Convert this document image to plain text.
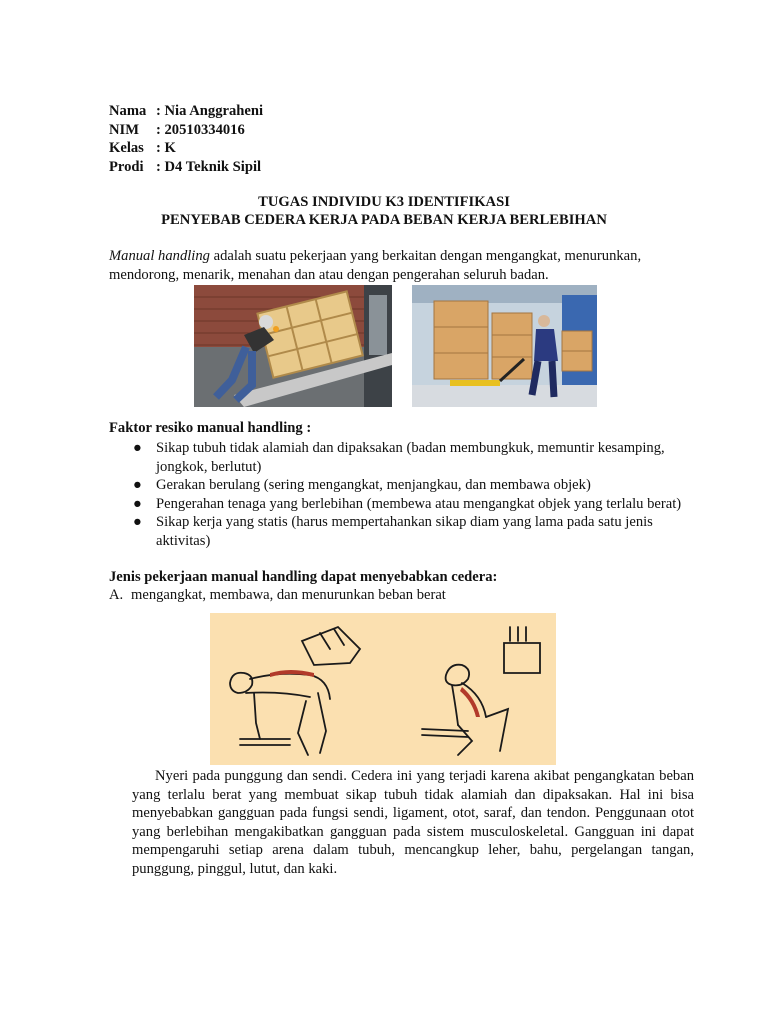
Nama : Nia Anggraheni
NIM	: 20510334016
Kelas : K
Prodi : D4 Teknik Sipil
TUGAS INDIVIDU K3 IDENTIFIKASI
PENYEBAB CEDERA KERJA PADA BEBAN KERJA BERLEBIHAN
Manual handling adalah suatu pekerjaan yang berkaitan dengan mengangkat, menurunkan, mendorong, menarik, menahan dan atau dengan pengerahan seluruh badan.
Faktor resiko manual handling :
● Sikap tubuh tidak alamiah dan dipaksakan (badan membungkuk, memuntir kesamping, jongkok, berlutut)
● Gerakan berulang (sering mengangkat, menjangkau, dan membawa objek)
● Pengerahan tenaga yang berlebihan (membewa atau mengangkat objek yang terlalu berat)
● Sikap kerja yang statis (harus mempertahankan sikap diam yang lama pada satu jenis aktivitas)
Jenis pekerjaan manual handling dapat menyebabkan cedera:
A. mengangkat, membawa, dan menurunkan beban berat
Nyeri pada punggung dan sendi. Cedera ini yang terjadi karena akibat pengangkatan beban yang terlalu berat yang membuat sikap tubuh tidak alamiah dan dipaksakan. Hal ini bisa menyebabkan gangguan pada fungsi sendi, ligament, otot, saraf, dan tendon. Penggunaan otot yang berlebihan mengakibatkan gangguan pada sistem musculoskeletal. Gangguan ini dapat mempengaruhi setiap arena dalam tubuh, mencangkup leher, bahu, pergelangan tangan, punggung, pinggul, lutut, dan kaki.
